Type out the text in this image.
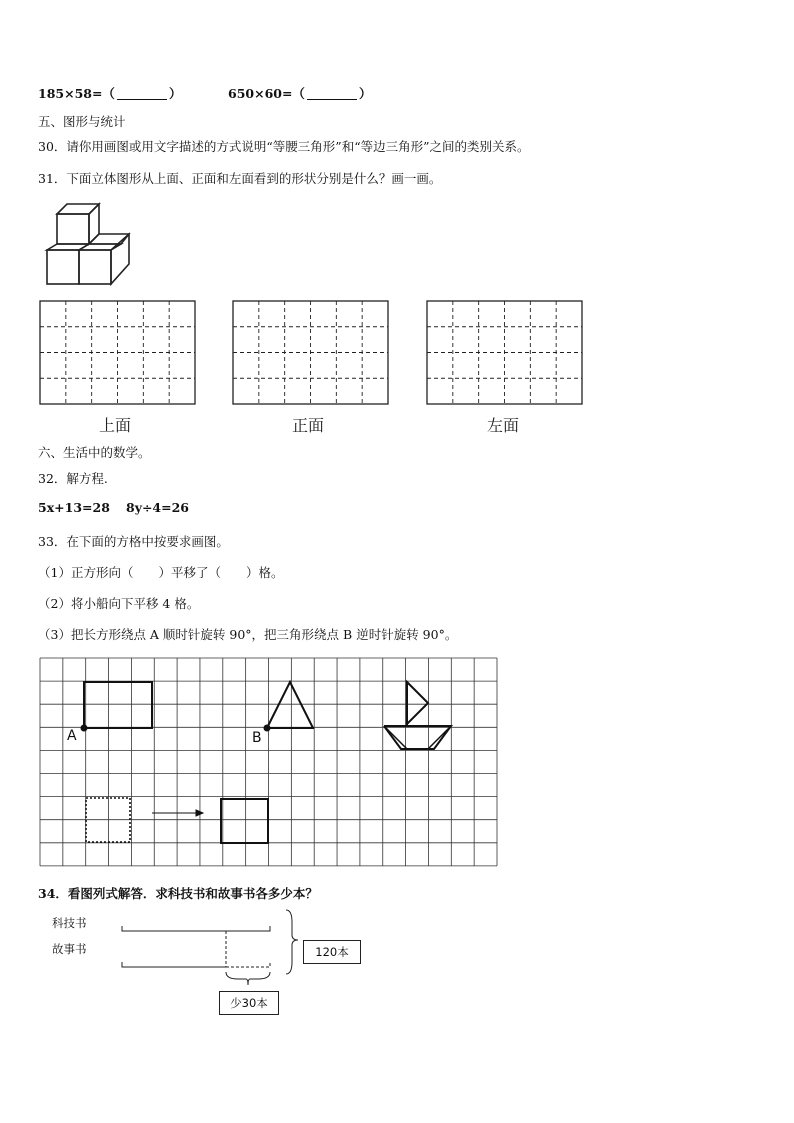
185×58=（	）	650×60=（	）
五、图形与统计
30．请你用画图或用文字描述的方式说明“等腰三角形”和“等边三角形”之间的类别关系。
31．下面立体图形从上面、正面和左面看到的形状分别是什么？画一画。
上面	正面	左面
六、生活中的数学。
32．解方程.
5x+13=28 8y÷4=26
33．在下面的方格中按要求画图。
（1）正方形向（　　）平移了（　　）格。
（2）将小船向下平移 4 格。
（3）把长方形绕点 A 顺时针旋转 90°，把三角形绕点 B 逆时针旋转 90°。
A	B
34．看图列式解答．求科技书和故事书各多少本？
科技书
故事书	120本
少30本
